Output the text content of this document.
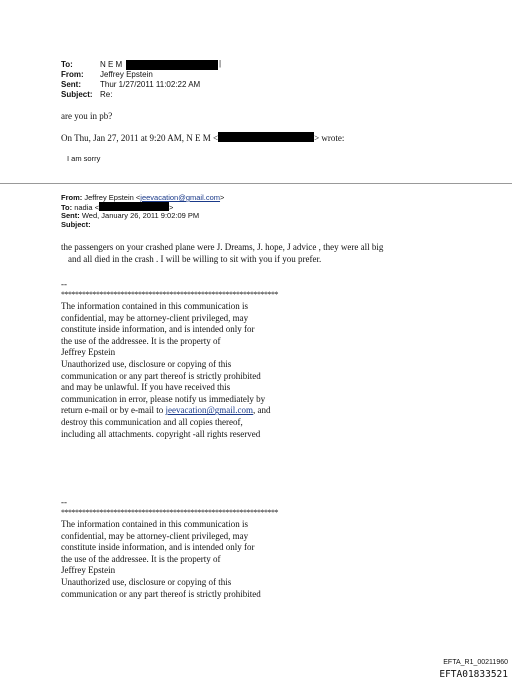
To:	N E M	|
From: Jeffrey Epstein
Sent: Thur 1/27/2011 11:02:22 AM
Subject: Re:
are you in pb?
On Thu, Jan 27, 2011 at 9:20 AM, N E M <	> wrote:
I am sorry
From: Jeffrey Epstein <jeevacation@gmail.com>
To: nadia <	>
Sent: Wed, January 26, 2011 9:02:09 PM
Subject:
the passengers on your crashed plane were J. Dreams, J. hope, J advice , they were all big
and all died in the crash . I will be willing to sit with you if you prefer.
--
**************************************************************
The information contained in this communication is
confidential, may be attorney-client privileged, may
constitute inside information, and is intended only for
the use of the addressee. It is the property of
Jeffrey Epstein
Unauthorized use, disclosure or copying of this
communication or any part thereof is strictly prohibited
and may be unlawful. If you have received this
communication in error, please notify us immediately by
return e-mail or by e-mail to jeevacation@gmail.com, and
destroy this communication and all copies thereof,
including all attachments. copyright -all rights reserved
--
**************************************************************
The information contained in this communication is
confidential, may be attorney-client privileged, may
constitute inside information, and is intended only for
the use of the addressee. It is the property of
Jeffrey Epstein
Unauthorized use, disclosure or copying of this
communication or any part thereof is strictly prohibited
EFTA_R1_00211960
EFTA01833521
